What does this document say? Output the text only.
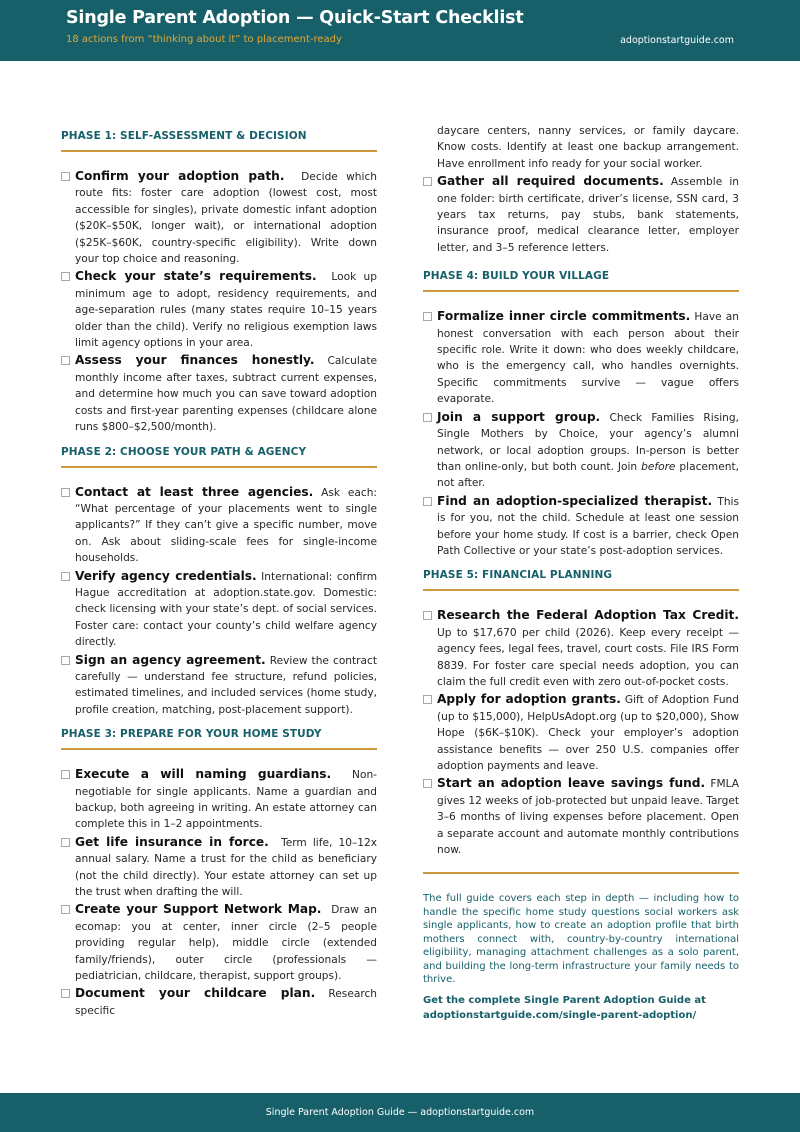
Single Parent Adoption — Quick-Start Checklist
18 actions from “thinking about it” to placement-ready	adoptionstartguide.com
PHASE 1: SELF-ASSESSMENT & DECISION
Confirm your adoption path. Decide which route fits: foster care adoption (lowest cost, most accessible for singles), private domestic infant adoption ($20K–$50K, longer wait), or international adoption ($25K–$60K, country-specific eligibility). Write down your top choice and reasoning.
Check your state’s requirements. Look up minimum age to adopt, residency requirements, and age-separation rules (many states require 10–15 years older than the child). Verify no religious exemption laws limit agency options in your area.
Assess your finances honestly. Calculate monthly income after taxes, subtract current expenses, and determine how much you can save toward adoption costs and first-year parenting expenses (childcare alone runs $800–$2,500/month).
PHASE 2: CHOOSE YOUR PATH & AGENCY
Contact at least three agencies. Ask each: “What percentage of your placements went to single applicants?” If they can’t give a specific number, move on. Ask about sliding-scale fees for single-income households.
Verify agency credentials. International: confirm Hague accreditation at adoption.state.gov. Domestic: check licensing with your state’s dept. of social services. Foster care: contact your county’s child welfare agency directly.
Sign an agency agreement. Review the contract carefully — understand fee structure, refund policies, estimated timelines, and included services (home study, profile creation, matching, post-placement support).
PHASE 3: PREPARE FOR YOUR HOME STUDY
Execute a will naming guardians. Non-negotiable for single applicants. Name a guardian and backup, both agreeing in writing. An estate attorney can complete this in 1–2 appointments.
Get life insurance in force. Term life, 10–12x annual salary. Name a trust for the child as beneficiary (not the child directly). Your estate attorney can set up the trust when drafting the will.
Create your Support Network Map. Draw an ecomap: you at center, inner circle (2–5 people providing regular help), middle circle (extended family/friends), outer circle (professionals — pediatrician, childcare, therapist, support groups).
Document your childcare plan. Research specific
daycare centers, nanny services, or family daycare. Know costs. Identify at least one backup arrangement. Have enrollment info ready for your social worker.
Gather all required documents. Assemble in one folder: birth certificate, driver’s license, SSN card, 3 years tax returns, pay stubs, bank statements, insurance proof, medical clearance letter, employer letter, and 3–5 reference letters.
PHASE 4: BUILD YOUR VILLAGE
Formalize inner circle commitments. Have an honest conversation with each person about their specific role. Write it down: who does weekly childcare, who is the emergency call, who handles overnights. Specific commitments survive — vague offers evaporate.
Join a support group. Check Families Rising, Single Mothers by Choice, your agency’s alumni network, or local adoption groups. In-person is better than online-only, but both count. Join before placement, not after.
Find an adoption-specialized therapist. This is for you, not the child. Schedule at least one session before your home study. If cost is a barrier, check Open Path Collective or your state’s post-adoption services.
PHASE 5: FINANCIAL PLANNING
Research the Federal Adoption Tax Credit. Up to $17,670 per child (2026). Keep every receipt — agency fees, legal fees, travel, court costs. File IRS Form 8839. For foster care special needs adoption, you can claim the full credit even with zero out-of-pocket costs.
Apply for adoption grants. Gift of Adoption Fund (up to $15,000), HelpUsAdopt.org (up to $20,000), Show Hope ($6K–$10K). Check your employer’s adoption assistance benefits — over 250 U.S. companies offer adoption payments and leave.
Start an adoption leave savings fund. FMLA gives 12 weeks of job-protected but unpaid leave. Target 3–6 months of living expenses before placement. Open a separate account and automate monthly contributions now.
The full guide covers each step in depth — including how to handle the specific home study questions social workers ask single applicants, how to create an adoption profile that birth mothers connect with, country-by-country international eligibility, managing attachment challenges as a solo parent, and building the long-term infrastructure your family needs to thrive.
Get the complete Single Parent Adoption Guide at
adoptionstartguide.com/single-parent-adoption/
Single Parent Adoption Guide — adoptionstartguide.com
